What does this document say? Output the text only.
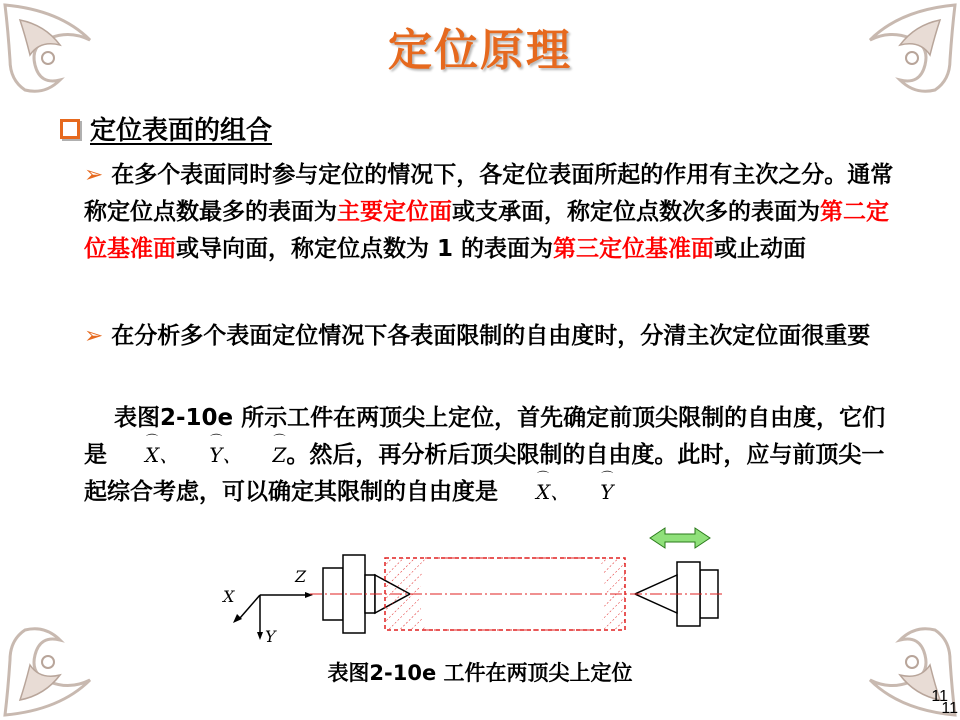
定位原理
定位表面的组合
➢ 在多个表面同时参与定位的情况下，各定位表面所起的作用有主次之分。通常称定位点数最多的表面为主要定位面或支承面，称定位点数次多的表面为第二定位基准面或导向面，称定位点数为 1 的表面为第三定位基准面或止动面
➢ 在分析多个表面定位情况下各表面限制的自由度时，分清主次定位面很重要
表图2-10e 所示工件在两顶尖上定位，首先确定前顶尖限制的自由度，它们是 ⌒ X、 ⌒ Y、 ⌒ Z。然后，再分析后顶尖限制的自由度。此时，应与前顶尖一起综合考虑，可以确定其限制的自由度是 ⌒ X、 ⌒ Y
Z
X
Y
表图2-10e 工件在两顶尖上定位
11
11
